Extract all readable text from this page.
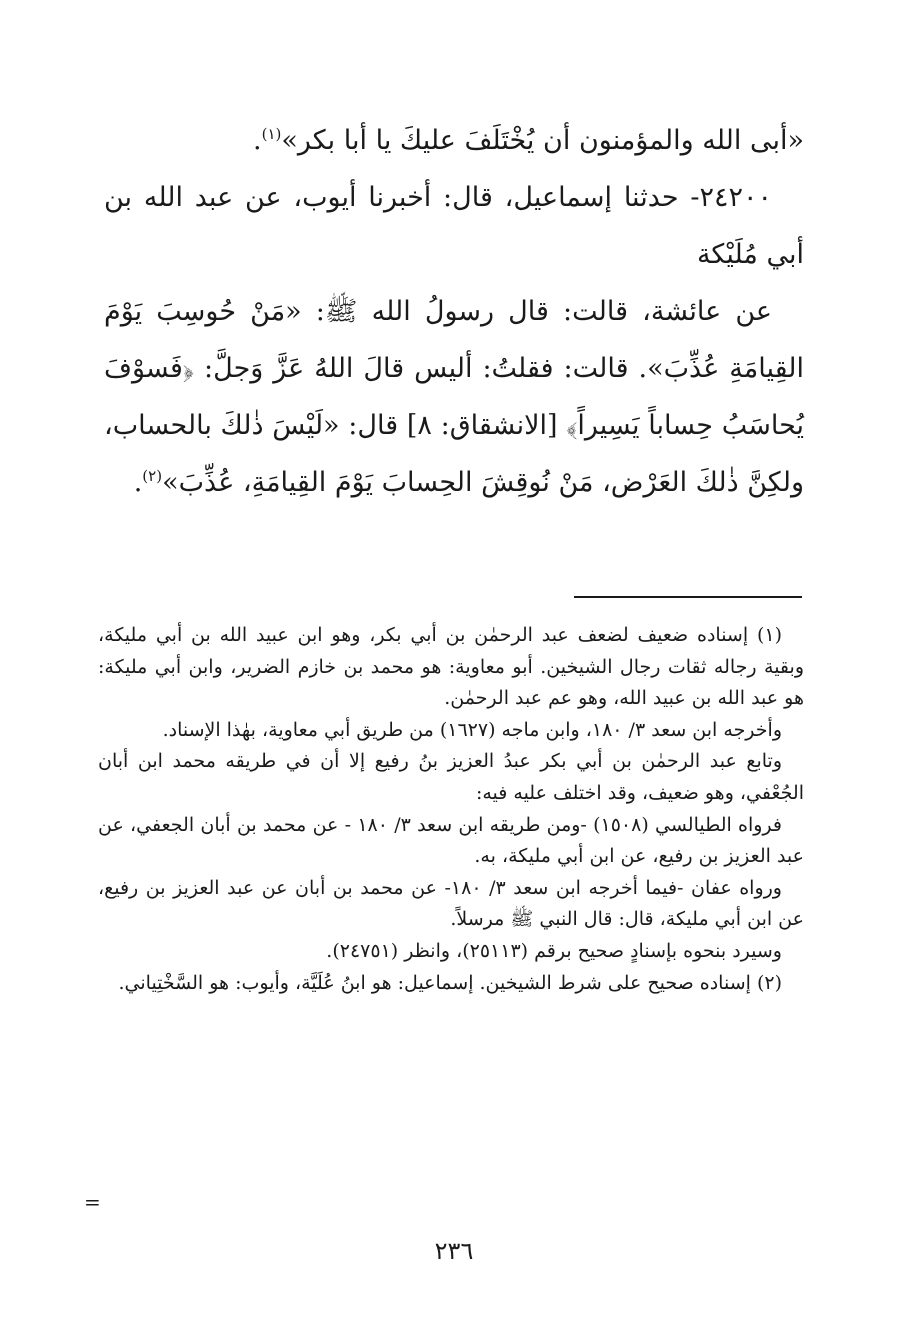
«أبى الله والمؤمنون أن يُخْتَلَفَ عليكَ يا أبا بكر»$^{(١)}$.

٢٤٢٠٠- حدثنا إسماعيل، قال: أخبرنا أيوب، عن عبد الله بن أبي مُلَيْكة

عن عائشة، قالت: قال رسولُ الله ﷺ: «مَنْ حُوسِبَ يَوْمَ القِيامَةِ عُذِّبَ». قالت: فقلتُ: أليس قالَ اللهُ عَزَّ وَجلَّ: ﴿فَسوْفَ يُحاسَبُ حِساباً يَسِيراً﴾ [الانشقاق: ٨] قال: «لَيْسَ ذٰلكَ بالحساب، ولكِنَّ ذٰلكَ العَرْض، مَنْ نُوقِشَ الحِسابَ يَوْمَ القِيامَةِ، عُذِّبَ»$^{(٢)}$.

(١) إسناده ضعيف لضعف عبد الرحمٰن بن أبي بكر، وهو ابن عبيد الله بن أبي مليكة، وبقية رجاله ثقات رجال الشيخين. أبو معاوية: هو محمد بن خازم الضرير، وابن أبي مليكة: هو عبد الله بن عبيد الله، وهو عم عبد الرحمٰن.

وأخرجه ابن سعد ٣/ ١٨٠، وابن ماجه (١٦٢٧) من طريق أبي معاوية، بهٰذا الإسناد.

وتابع عبد الرحمٰن بن أبي بكر عبدُ العزيز بنُ رفيع إلا أن في طريقه محمد ابن أبان الجُعْفي، وهو ضعيف، وقد اختلف عليه فيه:

فرواه الطيالسي (١٥٠٨) -ومن طريقه ابن سعد ٣/ ١٨٠ - عن محمد بن أبان الجعفي، عن عبد العزيز بن رفيع، عن ابن أبي مليكة، به.

ورواه عفان -فيما أخرجه ابن سعد ٣/ ١٨٠- عن محمد بن أبان عن عبد العزيز بن رفيع، عن ابن أبي مليكة، قال: قال النبي ﷺ مرسلاً.

وسيرد بنحوه بإسنادٍ صحيح برقم (٢٥١١٣)، وانظر (٢٤٧٥١).

(٢) إسناده صحيح على شرط الشيخين. إسماعيل: هو ابنُ عُلَيَّة، وأيوب: هو السَّخْتِياني.

=
٢٣٦
